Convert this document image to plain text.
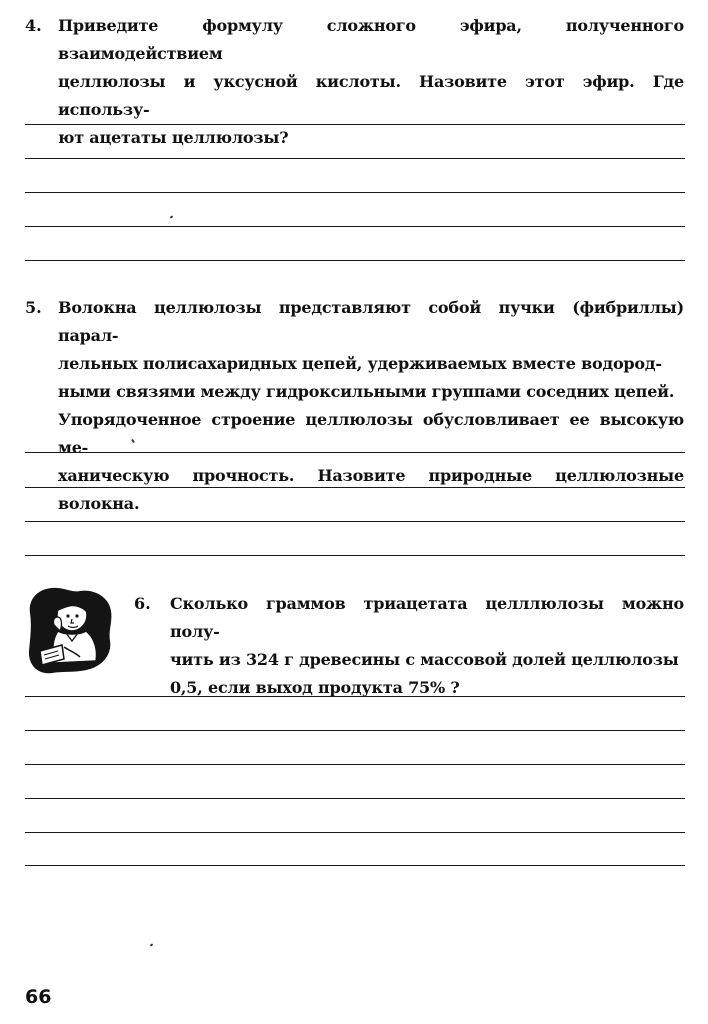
4. Приведите формулу сложного эфира, полученного взаимодействием
целлюлозы и уксусной кислоты. Назовите этот эфир. Где использу-
ют ацетаты целлюлозы?
5. Волокна целлюлозы представляют собой пучки (фибриллы) парал-
лельных полисахаридных цепей, удерживаемых вместе водород-
ными связями между гидроксильными группами соседних цепей.
Упорядоченное строение целлюлозы обусловливает ее высокую ме-
ханическую прочность. Назовите природные целлюлозные волокна.
6. Сколько граммов триацетата целллюлозы можно полу-
чить из 324 г древесины с массовой долей целлюлозы
0,5, если выход продукта 75% ?
66
